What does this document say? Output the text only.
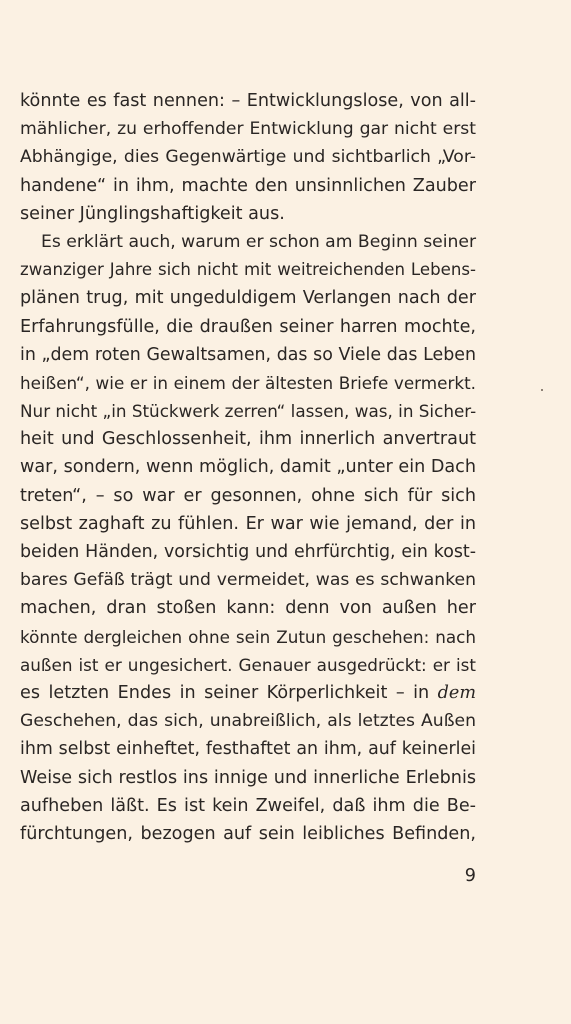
könnte es fast nennen: – Entwicklungslose, von all-
mählicher, zu erhoffender Entwicklung gar nicht erst
Abhängige, dies Gegenwärtige und sichtbarlich „Vor-
handene“ in ihm, machte den unsinnlichen Zauber
seiner Jünglingshaftigkeit aus.
Es erklärt auch, warum er schon am Beginn seiner
zwanziger Jahre sich nicht mit weitreichenden Lebens-
plänen trug, mit ungeduldigem Verlangen nach der
Erfahrungsfülle, die draußen seiner harren mochte,
in „dem roten Gewaltsamen, das so Viele das Leben
heißen“, wie er in einem der ältesten Briefe vermerkt.
Nur nicht „in Stückwerk zerren“ lassen, was, in Sicher-
heit und Geschlossenheit, ihm innerlich anvertraut
war, sondern, wenn möglich, damit „unter ein Dach
treten“, – so war er gesonnen, ohne sich für sich
selbst zaghaft zu fühlen. Er war wie jemand, der in
beiden Händen, vorsichtig und ehrfürchtig, ein kost-
bares Gefäß trägt und vermeidet, was es schwanken
machen, dran stoßen kann: denn von außen her
könnte dergleichen ohne sein Zutun geschehen: nach
außen ist er ungesichert. Genauer ausgedrückt: er ist
es letzten Endes in seiner Körperlichkeit – in dem
Geschehen, das sich, unabreißlich, als letztes Außen
ihm selbst einheftet, festhaftet an ihm, auf keinerlei
Weise sich restlos ins innige und innerliche Erlebnis
aufheben läßt. Es ist kein Zweifel, daß ihm die Be-
fürchtungen, bezogen auf sein leibliches Befinden,
9
